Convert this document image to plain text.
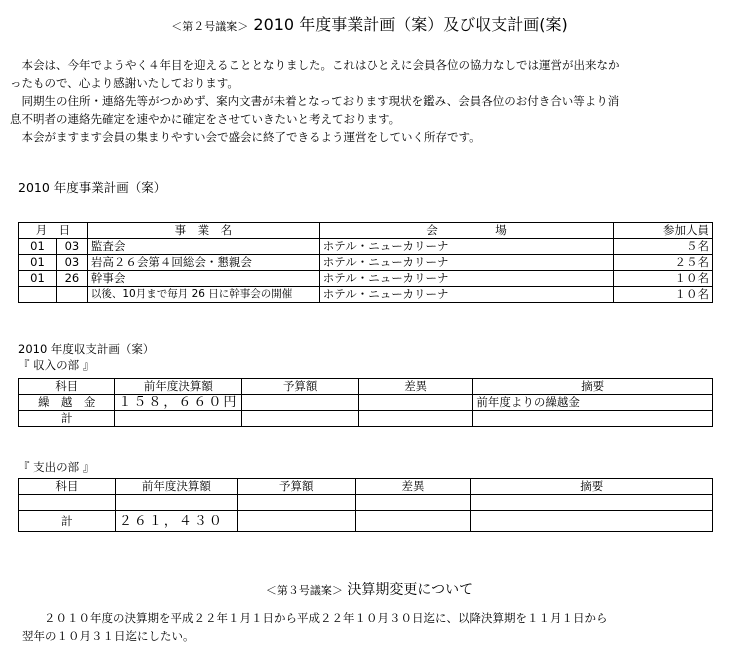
＜第２号議案＞ 2010 年度事業計画（案）及び収支計画(案)
　本会は、今年でようやく４年目を迎えることとなりました。これはひとえに会員各位の協力なしでは運営が出来なか
ったもので、心より感謝いたしております。
　同期生の住所・連絡先等がつかめず、案内文書が未着となっております現状を鑑み、会員各位のお付き合い等より消
息不明者の連絡先確定を速やかに確定をさせていきたいと考えております。
　本会がますます会員の集まりやすい会で盛会に終了できるよう運営をしていく所存です。
2010 年度事業計画（案）
月　日		事　業　名	会　　　　　場	参加人員
01	03	監査会	ホテル・ニューカリーナ	５名
01	03	岩高２６会第４回総会・懇親会	ホテル・ニューカリーナ	２５名
01	26	幹事会	ホテル・ニューカリーナ	１０名
		以後、10月まで毎月 26 日に幹事会の開催	ホテル・ニューカリーナ	１０名
2010 年度収支計画（案）
『 収入の部 』
科目	前年度決算額	予算額	差異	摘要
繰　越　金	１５８，６６０円			前年度よりの繰越金
計				
『 支出の部 』
科目	前年度決算額	予算額	差異	摘要

計	２６１，４３０			
＜第３号議案＞ 決算期変更について
２０１０年度の決算期を平成２２年１月１日から平成２２年１０月３０日迄に、以降決算期を１１月１日から
翌年の１０月３１日迄にしたい。
